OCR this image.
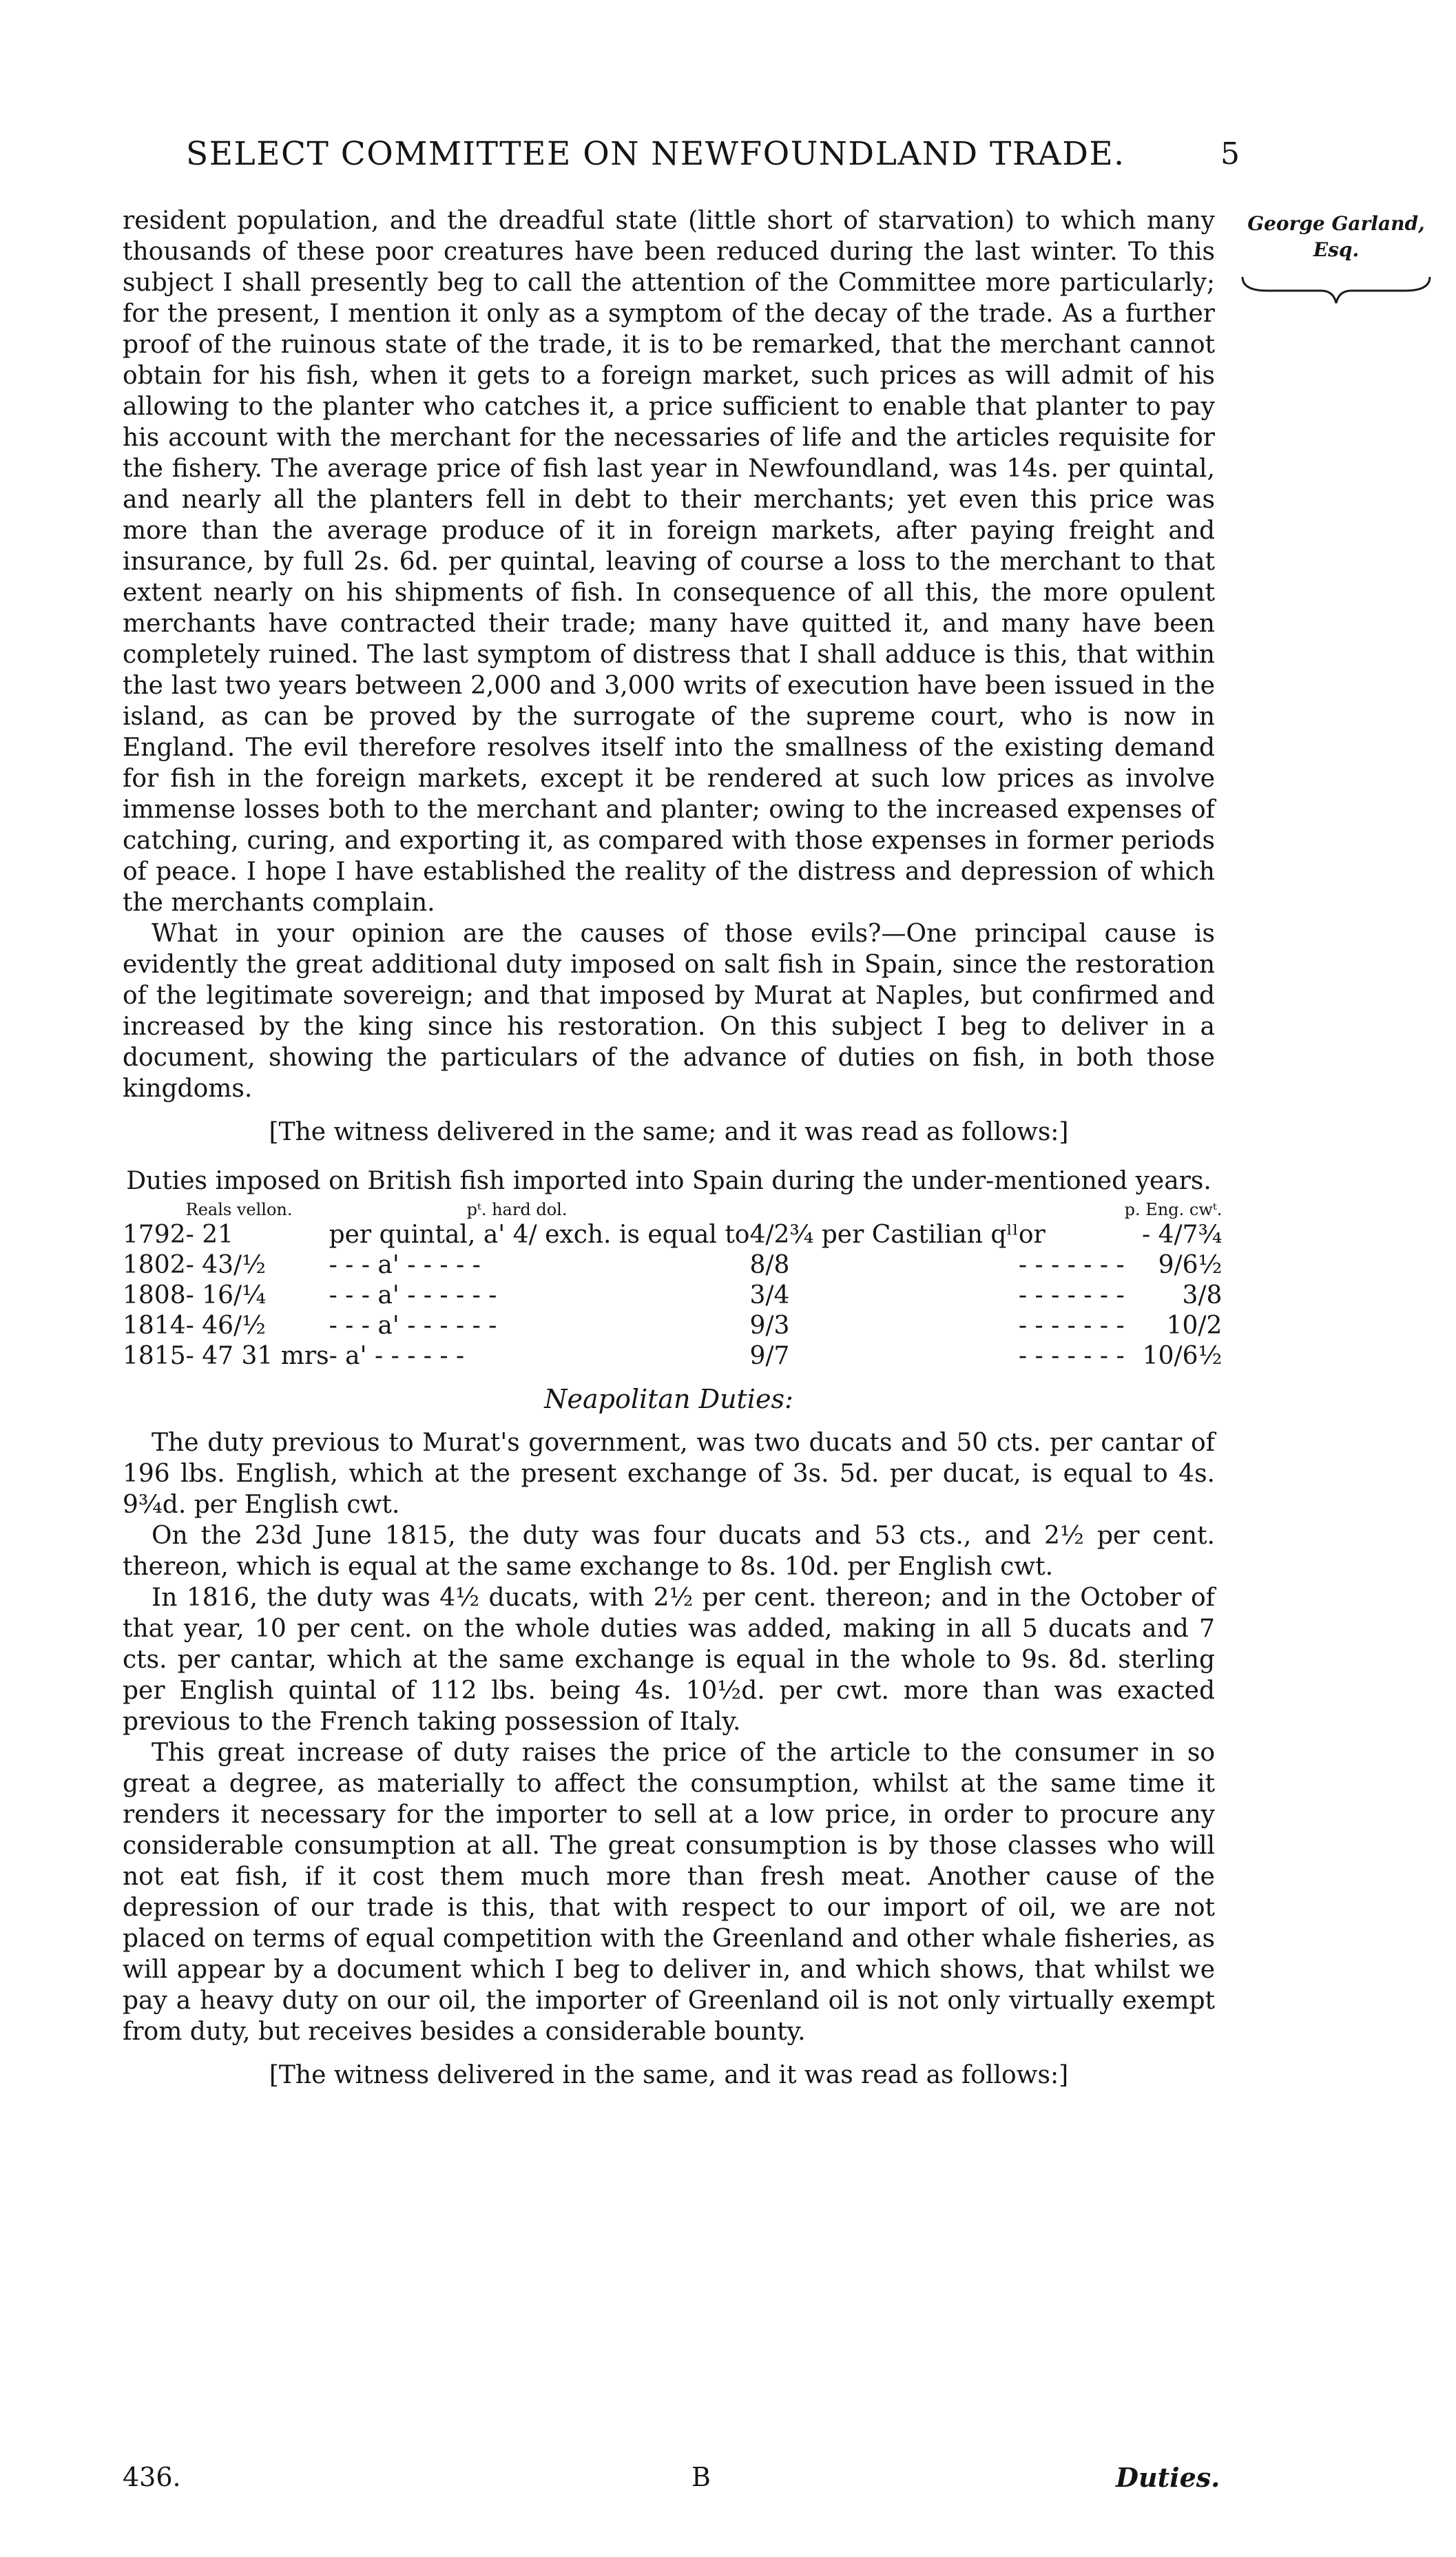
SELECT COMMITTEE ON NEWFOUNDLAND TRADE.	5
George Garland,
Esq.

resident population, and the dreadful state (little short of starvation) to which many thousands of these poor creatures have been reduced during the last winter. To this subject I shall presently beg to call the attention of the Committee more particularly; for the present, I mention it only as a symptom of the decay of the trade. As a further proof of the ruinous state of the trade, it is to be remarked, that the merchant cannot obtain for his fish, when it gets to a foreign market, such prices as will admit of his allowing to the planter who catches it, a price sufficient to enable that planter to pay his account with the merchant for the necessaries of life and the articles requisite for the fishery. The average price of fish last year in Newfoundland, was 14s. per quintal, and nearly all the planters fell in debt to their merchants; yet even this price was more than the average produce of it in foreign markets, after paying freight and insurance, by full 2s. 6d. per quintal, leaving of course a loss to the merchant to that extent nearly on his shipments of fish. In consequence of all this, the more opulent merchants have contracted their trade; many have quitted it, and many have been completely ruined. The last symptom of distress that I shall adduce is this, that within the last two years between 2,000 and 3,000 writs of execution have been issued in the island, as can be proved by the surrogate of the supreme court, who is now in England. The evil therefore resolves itself into the smallness of the existing demand for fish in the foreign markets, except it be rendered at such low prices as involve immense losses both to the merchant and planter; owing to the increased expenses of catching, curing, and exporting it, as compared with those expenses in former periods of peace. I hope I have established the reality of the distress and depression of which the merchants complain.

What in your opinion are the causes of those evils?—One principal cause is evidently the great additional duty imposed on salt fish in Spain, since the restoration of the legitimate sovereign; and that imposed by Murat at Naples, but confirmed and increased by the king since his restoration. On this subject I beg to deliver in a document, showing the particulars of the advance of duties on fish, in both those kingdoms.

[The witness delivered in the same; and it was read as follows:]

Duties imposed on British fish imported into Spain during the under-mentioned years.

	Reals vellon.	pᵗ. hard dol.			p. Eng. cwᵗ.
1792	- 21	per quintal, a' 4/ exch. is equal to	4/2¾ per Castilian qˡˡ	or	- 4/7¾
1802	- 43/½	- - - a' - - - - -	8/8	- - - - - - -	9/6½
1808	- 16/¼	- - - a' - - - - - -	3/4	- - - - - - -	3/8
1814	- 46/½	- - - a' - - - - - -	9/3	- - - - - - -	10/2
1815	- 47 31 mrs	- a' - - - - - -	9/7	- - - - - - -	10/6½

Neapolitan Duties:

The duty previous to Murat's government, was two ducats and 50 cts. per cantar of 196 lbs. English, which at the present exchange of 3s. 5d. per ducat, is equal to 4s. 9¾d. per English cwt.

On the 23d June 1815, the duty was four ducats and 53 cts., and 2½ per cent. thereon, which is equal at the same exchange to 8s. 10d. per English cwt.

In 1816, the duty was 4½ ducats, with 2½ per cent. thereon; and in the October of that year, 10 per cent. on the whole duties was added, making in all 5 ducats and 7 cts. per cantar, which at the same exchange is equal in the whole to 9s. 8d. sterling per English quintal of 112 lbs. being 4s. 10½d. per cwt. more than was exacted previous to the French taking possession of Italy.

This great increase of duty raises the price of the article to the consumer in so great a degree, as materially to affect the consumption, whilst at the same time it renders it necessary for the importer to sell at a low price, in order to procure any considerable consumption at all. The great consumption is by those classes who will not eat fish, if it cost them much more than fresh meat. Another cause of the depression of our trade is this, that with respect to our import of oil, we are not placed on terms of equal competition with the Greenland and other whale fisheries, as will appear by a document which I beg to deliver in, and which shows, that whilst we pay a heavy duty on our oil, the importer of Greenland oil is not only virtually exempt from duty, but receives besides a considerable bounty.

[The witness delivered in the same, and it was read as follows:]

436.	B	Duties.
